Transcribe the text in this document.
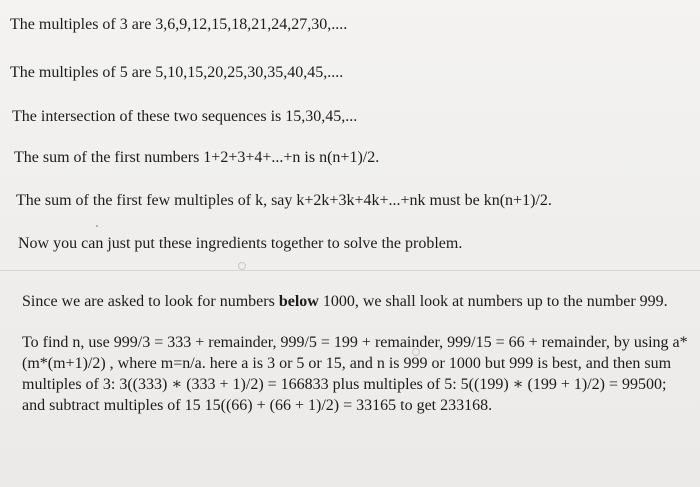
The multiples of 3 are 3,6,9,12,15,18,21,24,27,30,....
The multiples of 5 are 5,10,15,20,25,30,35,40,45,....
The intersection of these two sequences is 15,30,45,...
The sum of the first numbers 1+2+3+4+...+n is n(n+1)/2.
The sum of the first few multiples of k, say k+2k+3k+4k+...+nk must be kn(n+1)/2.
Now you can just put these ingredients together to solve the problem.

Since we are asked to look for numbers below 1000, we shall look at numbers up to the number 999.

To find n, use 999/3 = 333 + remainder, 999/5 = 199 + remainder, 999/15 = 66 + remainder, by using a*(m*(m+1)/2) , where m=n/a. here a is 3 or 5 or 15, and n is 999 or 1000 but 999 is best, and then sum multiples of 3: 3((333) ∗ (333 + 1)/2) = 166833 plus multiples of 5: 5((199) ∗ (199 + 1)/2) = 99500; and subtract multiples of 15 15((66) + (66 + 1)/2) = 33165 to get 233168.
